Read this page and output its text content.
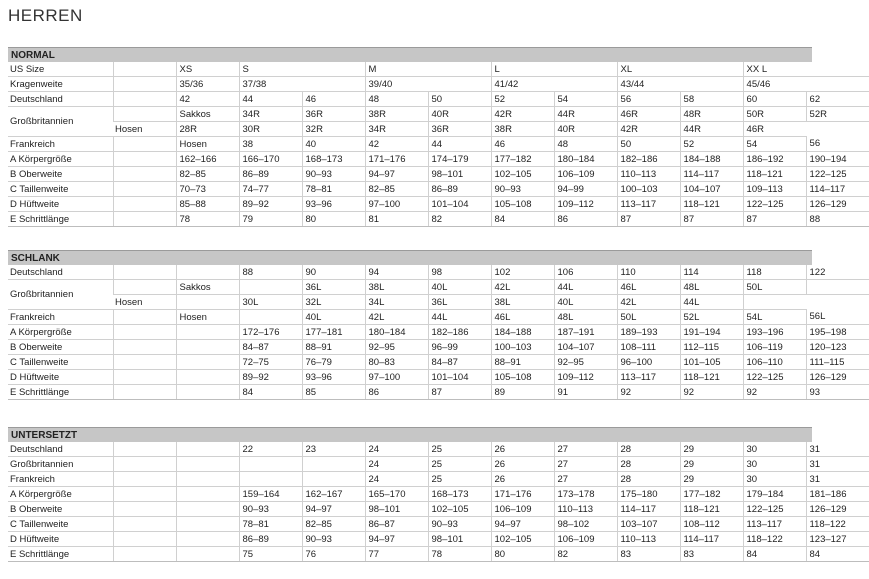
HERREN
NORMAL
US Size		XS	S		M		L		XL		XX L	
Kragenweite		35/36	37/38		39/40		41/42		43/44		45/46	
Deutschland		42	44	46	48	50	52	54	56	58	60	62
Großbritannien		Sakkos	34R	36R	38R	40R	42R	44R	46R	48R	50R	52R
	Hosen	28R	30R	32R	34R	36R	38R	40R	42R	44R	46R	
Frankreich		Hosen	38	40	42	44	46	48	50	52	54	56
A Körpergröße		162–166	166–170	168–173	171–176	174–179	177–182	180–184	182–186	184–188	186–192	190–194
B Oberweite		82–85	86–89	90–93	94–97	98–101	102–105	106–109	110–113	114–117	118–121	122–125
C Taillenweite		70–73	74–77	78–81	82–85	86–89	90–93	94–99	100–103	104–107	109–113	114–117
D Hüftweite		85–88	89–92	93–96	97–100	101–104	105–108	109–112	113–117	118–121	122–125	126–129
E Schrittlänge		78	79	80	81	82	84	86	87	87	87	88
SCHLANK
Deutschland			88	90	94	98	102	106	110	114	118	122
Großbritannien		Sakkos		36L	38L	40L	42L	44L	46L	48L	50L	
	Hosen		30L	32L	34L	36L	38L	40L	42L	44L		
Frankreich		Hosen		40L	42L	44L	46L	48L	50L	52L	54L	56L
A Körpergröße			172–176	177–181	180–184	182–186	184–188	187–191	189–193	191–194	193–196	195–198
B Oberweite			84–87	88–91	92–95	96–99	100–103	104–107	108–111	112–115	106–119	120–123
C Taillenweite			72–75	76–79	80–83	84–87	88–91	92–95	96–100	101–105	106–110	111–115
D Hüftweite			89–92	93–96	97–100	101–104	105–108	109–112	113–117	118–121	122–125	126–129
E Schrittlänge			84	85	86	87	89	91	92	92	92	93
UNTERSETZT
Deutschland			22	23	24	25	26	27	28	29	30	31
Großbritannien					24	25	26	27	28	29	30	31
Frankreich					24	25	26	27	28	29	30	31
A Körpergröße			159–164	162–167	165–170	168–173	171–176	173–178	175–180	177–182	179–184	181–186
B Oberweite			90–93	94–97	98–101	102–105	106–109	110–113	114–117	118–121	122–125	126–129
C Taillenweite			78–81	82–85	86–87	90–93	94–97	98–102	103–107	108–112	113–117	118–122
D Hüftweite			86–89	90–93	94–97	98–101	102–105	106–109	110–113	114–117	118–122	123–127
E Schrittlänge			75	76	77	78	80	82	83	83	84	84
